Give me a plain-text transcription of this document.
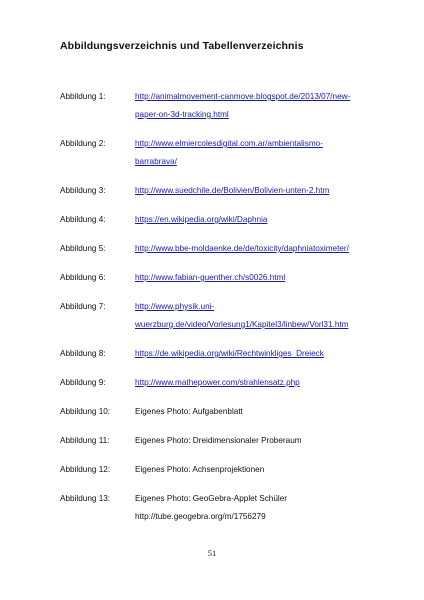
Abbildungsverzeichnis und Tabellenverzeichnis
Abbildung 1:	http://animalmovement-canmove.blogspot.de/2013/07/new-
paper-on-3d-tracking.html
Abbildung 2:	http://www.elmiercolesdigital.com.ar/ambientalismo-
barrabrava/
Abbildung 3:	http://www.suedchile.de/Bolivien/Bolivien-unten-2.htm
Abbildung 4:	https://en.wikipedia.org/wiki/Daphnia
Abbildung 5:	http://www.bbe-moldaenke.de/de/toxicity/daphniatoximeter/
Abbildung 6:	http://www.fabian-guenther.ch/s0026.html
Abbildung 7:	http://www.physik.uni-
wuerzburg.de/video/Vorlesung1/Kapitel3/linbew/Vorl31.htm
Abbildung 8:	https://de.wikipedia.org/wiki/Rechtwinkliges_Dreieck
Abbildung 9:	http://www.mathepower.com/strahlensatz.php
Abbildung 10:	Eigenes Photo: Aufgabenblatt
Abbildung 11:	Eigenes Photo: Dreidimensionaler Proberaum
Abbildung 12:	Eigenes Photo: Achsenprojektionen
Abbildung 13:	Eigenes Photo: GeoGebra-Applet Schüler
http://tube.geogebra.org/m/1756279
51
